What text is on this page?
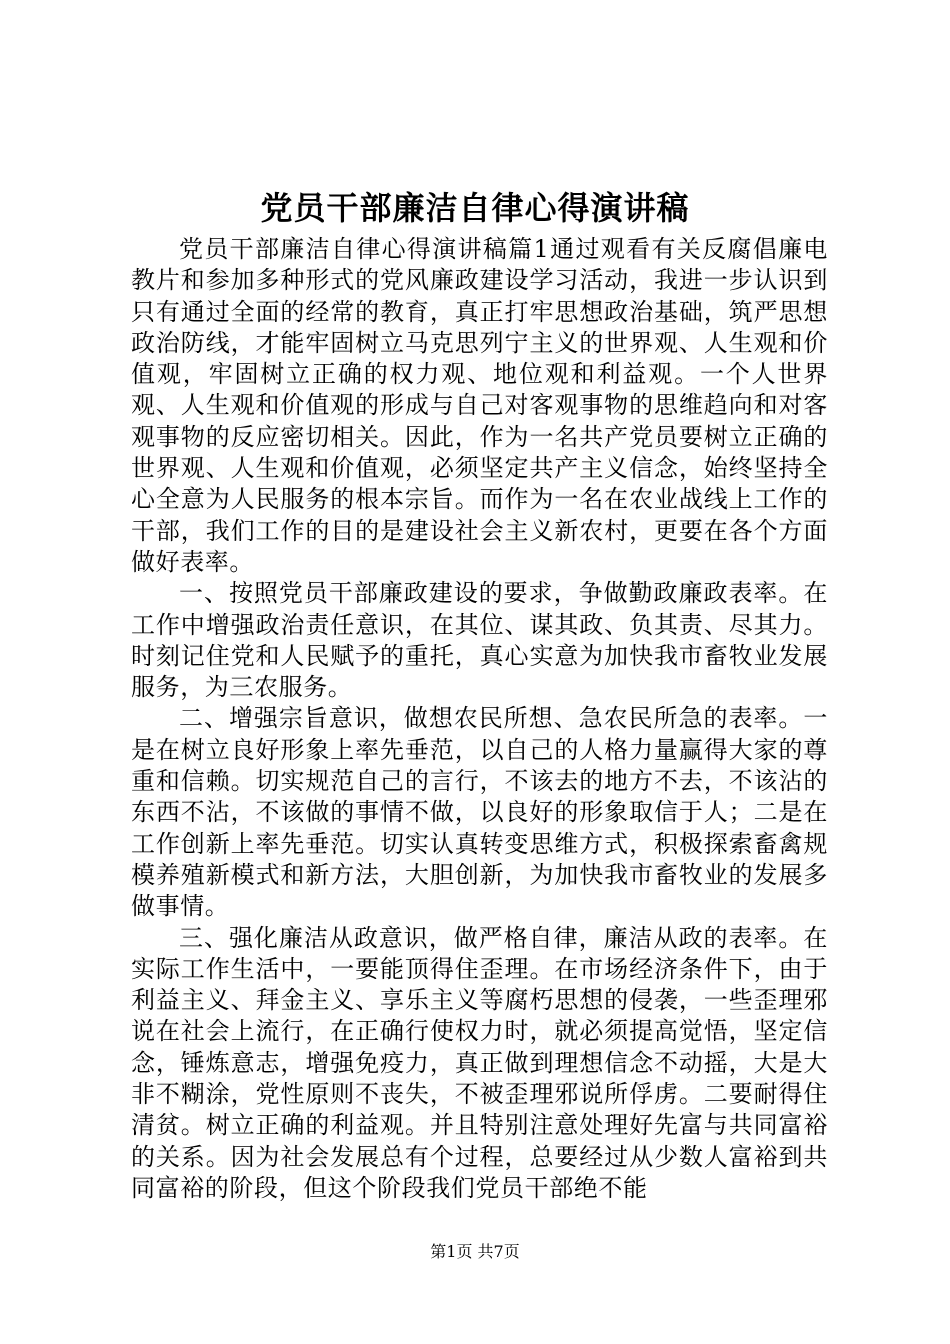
党员干部廉洁自律心得演讲稿

党员干部廉洁自律心得演讲稿篇1通过观看有关反腐倡廉电教片和参加多种形式的党风廉政建设学习活动，我进一步认识到只有通过全面的经常的教育，真正打牢思想政治基础，筑严思想政治防线，才能牢固树立马克思列宁主义的世界观、人生观和价值观，牢固树立正确的权力观、地位观和利益观。一个人世界观、人生观和价值观的形成与自己对客观事物的思维趋向和对客观事物的反应密切相关。因此，作为一名共产党员要树立正确的世界观、人生观和价值观，必须坚定共产主义信念，始终坚持全心全意为人民服务的根本宗旨。而作为一名在农业战线上工作的干部，我们工作的目的是建设社会主义新农村，更要在各个方面做好表率。

一、按照党员干部廉政建设的要求，争做勤政廉政表率。在工作中增强政治责任意识，在其位、谋其政、负其责、尽其力。时刻记住党和人民赋予的重托，真心实意为加快我市畜牧业发展服务，为三农服务。

二、增强宗旨意识，做想农民所想、急农民所急的表率。一是在树立良好形象上率先垂范，以自己的人格力量赢得大家的尊重和信赖。切实规范自己的言行，不该去的地方不去，不该沾的东西不沾，不该做的事情不做，以良好的形象取信于人；二是在工作创新上率先垂范。切实认真转变思维方式，积极探索畜禽规模养殖新模式和新方法，大胆创新，为加快我市畜牧业的发展多做事情。

三、强化廉洁从政意识，做严格自律，廉洁从政的表率。在实际工作生活中，一要能顶得住歪理。在市场经济条件下，由于利益主义、拜金主义、享乐主义等腐朽思想的侵袭，一些歪理邪说在社会上流行，在正确行使权力时，就必须提高觉悟，坚定信念，锤炼意志，增强免疫力，真正做到理想信念不动摇，大是大非不糊涂，党性原则不丧失，不被歪理邪说所俘虏。二要耐得住清贫。树立正确的利益观。并且特别注意处理好先富与共同富裕的关系。因为社会发展总有个过程，总要经过从少数人富裕到共同富裕的阶段，但这个阶段我们党员干部绝不能

第1页 共7页
